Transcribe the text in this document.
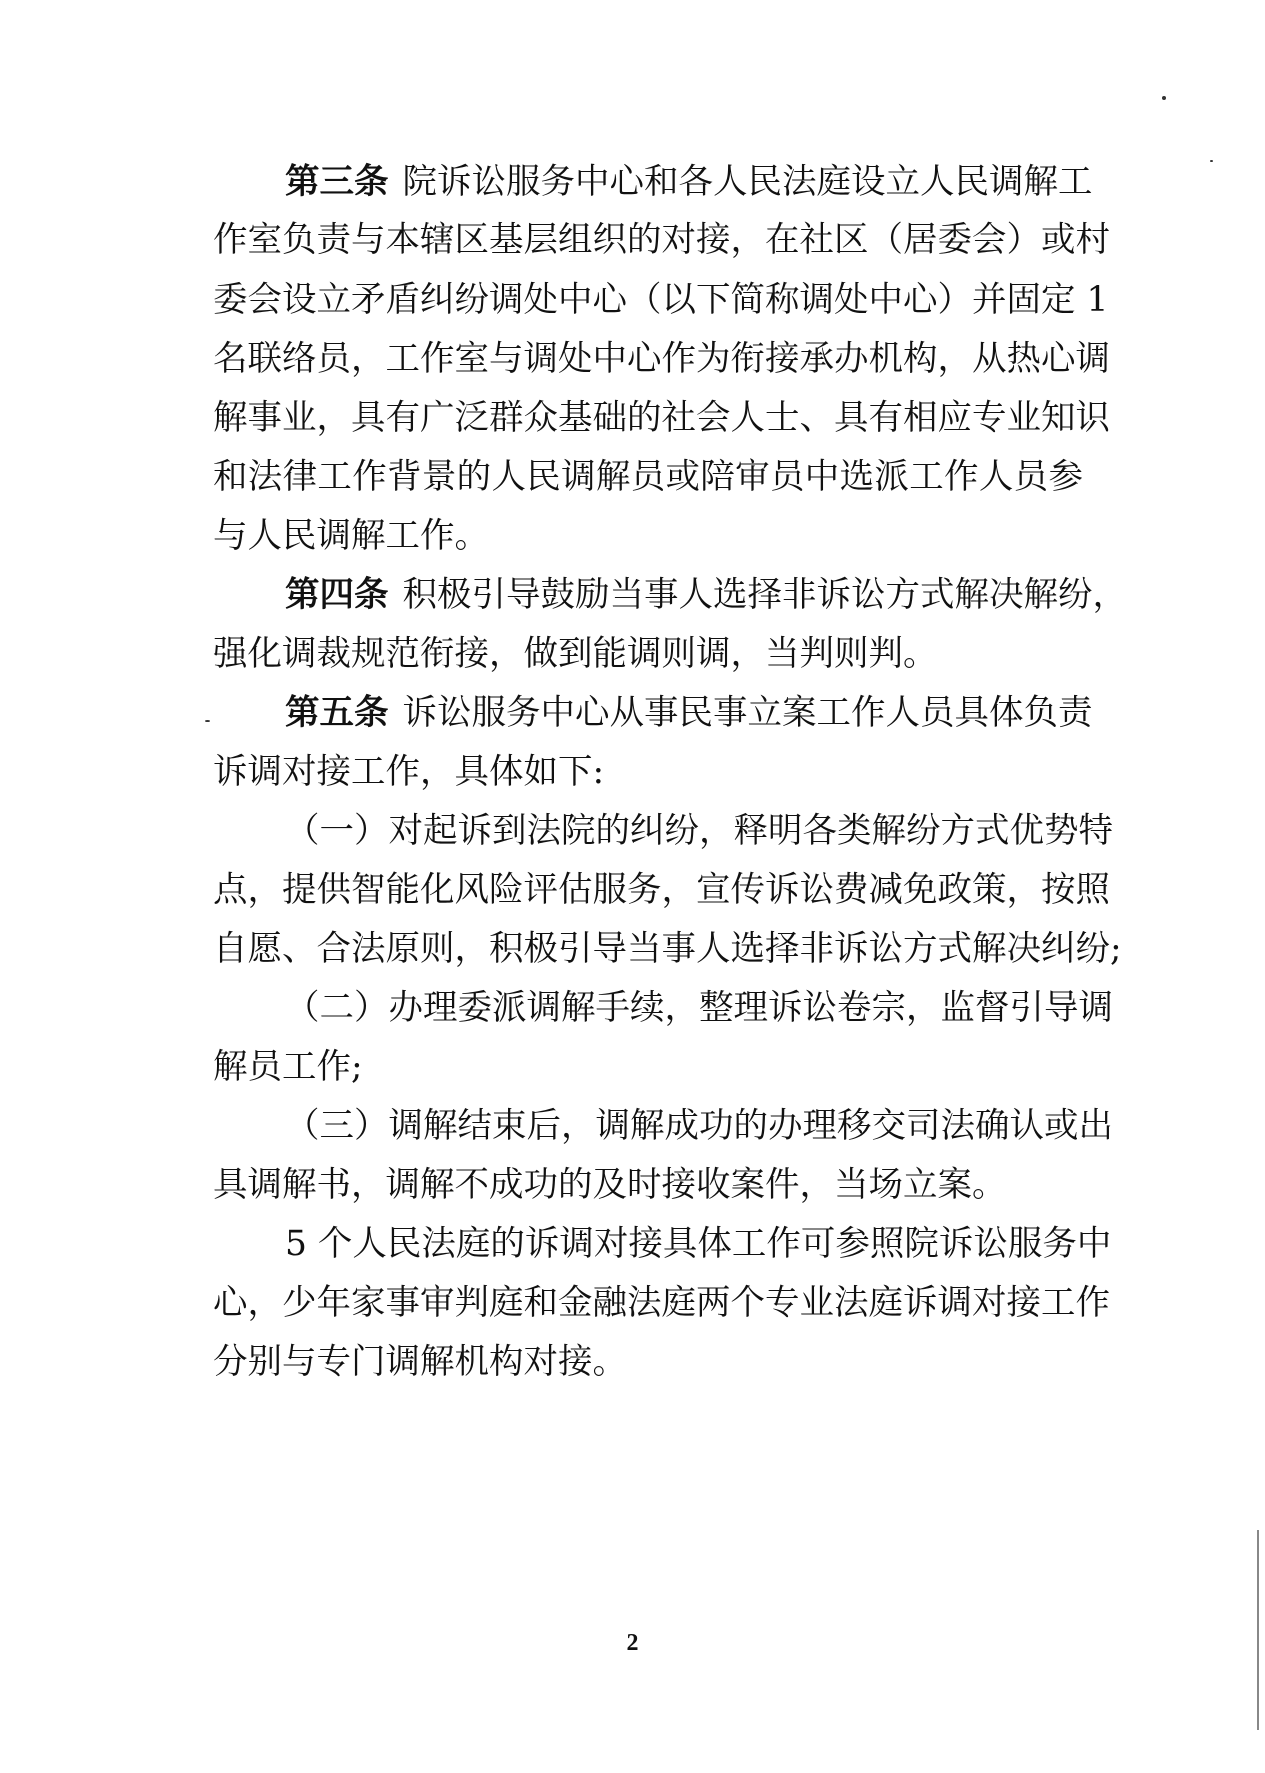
第三条 院诉讼服务中心和各人民法庭设立人民调解工
作室负责与本辖区基层组织的对接，在社区（居委会）或村
委会设立矛盾纠纷调处中心（以下简称调处中心）并固定 1
名联络员，工作室与调处中心作为衔接承办机构，从热心调
解事业，具有广泛群众基础的社会人士、具有相应专业知识
和法律工作背景的人民调解员或陪审员中选派工作人员参
与人民调解工作。
第四条 积极引导鼓励当事人选择非诉讼方式解决解纷，
强化调裁规范衔接，做到能调则调，当判则判。
第五条 诉讼服务中心从事民事立案工作人员具体负责
诉调对接工作，具体如下:
（一）对起诉到法院的纠纷，释明各类解纷方式优势特
点，提供智能化风险评估服务，宣传诉讼费减免政策，按照
自愿、合法原则，积极引导当事人选择非诉讼方式解决纠纷;
（二）办理委派调解手续，整理诉讼卷宗，监督引导调
解员工作;
（三）调解结束后，调解成功的办理移交司法确认或出
具调解书，调解不成功的及时接收案件，当场立案。
5 个人民法庭的诉调对接具体工作可参照院诉讼服务中
心，少年家事审判庭和金融法庭两个专业法庭诉调对接工作
分别与专门调解机构对接。
2
